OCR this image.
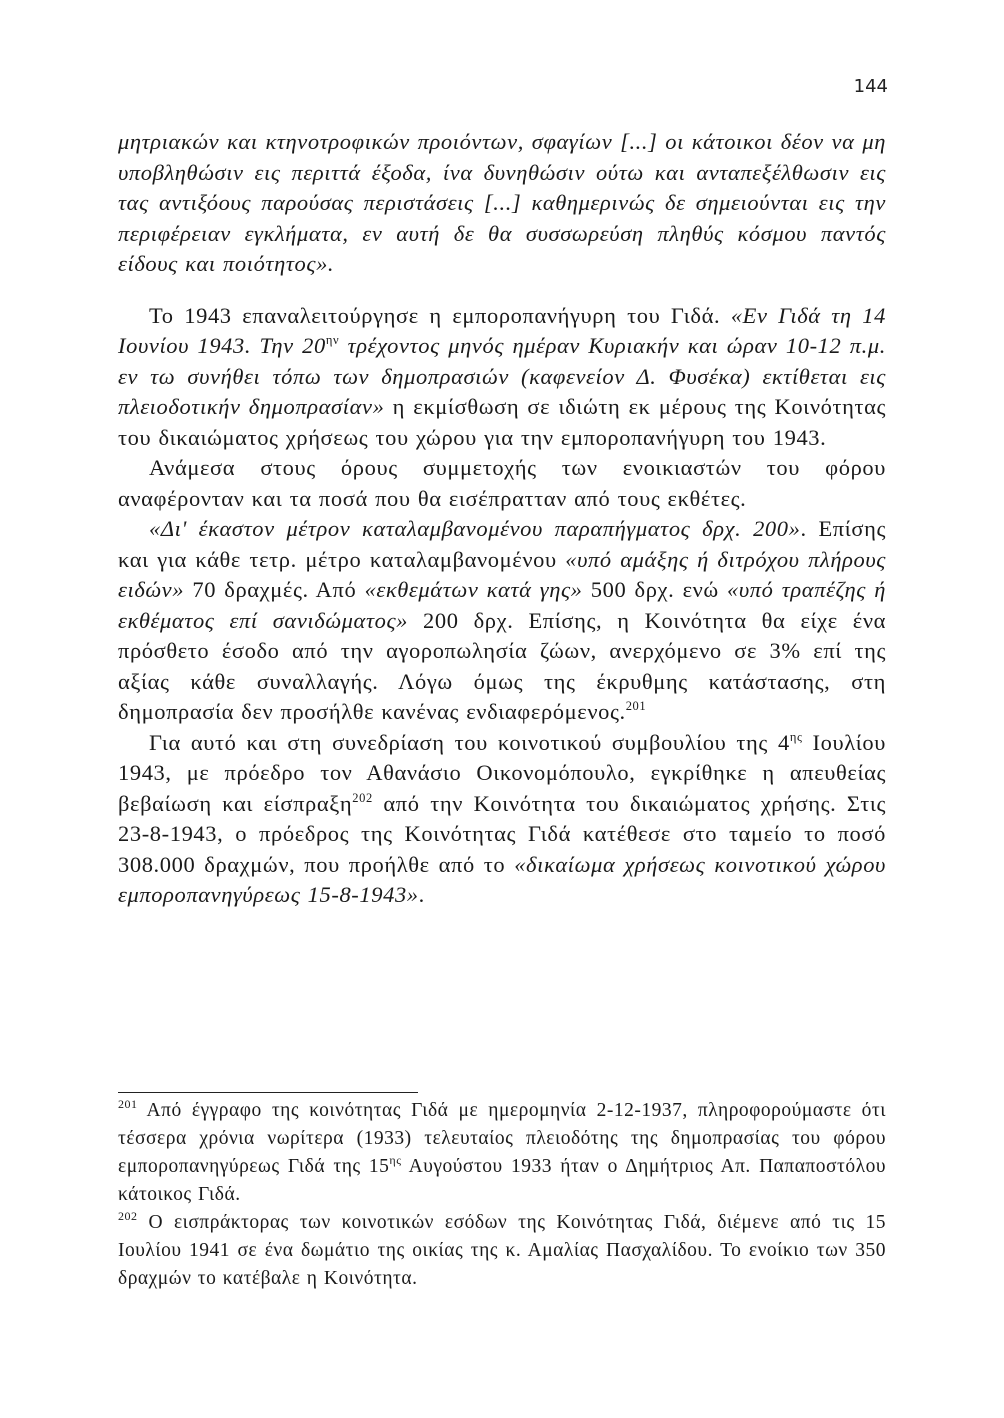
144

μητριακών και κτηνοτροφικών προιόντων, σφαγίων [...] οι κάτοικοι δέον να μη υποβληθώσιν εις περιττά έξοδα, ίνα δυνηθώσιν ούτω και ανταπεξέλθωσιν εις τας αντιξόους παρούσας περιστάσεις [...] καθημερινώς δε σημειούνται εις την περιφέρειαν εγκλήματα, εν αυτή δε θα συσσωρεύση πληθύς κόσμου παντός είδους και ποιότητος».

Το 1943 επαναλειτούργησε η εμποροπανήγυρη του Γιδά. «Εν Γιδά τη 14 Ιουνίου 1943. Την $20^{\eta\nu}$ τρέχοντος μηνός ημέραν Κυριακήν και ώραν 10-12 π.μ. εν τω συνήθει τόπω των δημοπρασιών (καφενείον Δ. Φυσέκα) εκτίθεται εις πλειοδοτικήν δημοπρασίαν» η εκμίσθωση σε ιδιώτη εκ μέρους της Κοινότητας του δικαιώματος χρήσεως του χώρου για την εμποροπανήγυρη του 1943.

Ανάμεσα στους όρους συμμετοχής των ενοικιαστών του φόρου αναφέρονταν και τα ποσά που θα εισέπρατταν από τους εκθέτες.

«Δι' έκαστον μέτρον καταλαμβανομένου παραπήγματος δρχ. 200». Επίσης και για κάθε τετρ. μέτρο καταλαμβανομένου «υπό αμάξης ή διτρόχου πλήρους ειδών» 70 δραχμές. Από «εκθεμάτων κατά γης» 500 δρχ. ενώ «υπό τραπέζης ή εκθέματος επί σανιδώματος» 200 δρχ. Επίσης, η Κοινότητα θα είχε ένα πρόσθετο έσοδο από την αγοροπωλησία ζώων, ανερχόμενο σε 3% επί της αξίας κάθε συναλλαγής. Λόγω όμως της έκρυθμης κατάστασης, στη δημοπρασία δεν προσήλθε κανένας ενδιαφερόμενος.$^{201}$

Για αυτό και στη συνεδρίαση του κοινοτικού συμβουλίου της $4^{\eta\varsigma}$ Ιουλίου 1943, με πρόεδρο τον Αθανάσιο Οικονομόπουλο, εγκρίθηκε η απευθείας βεβαίωση και είσπραξη$^{202}$ από την Κοινότητα του δικαιώματος χρήσης. Στις 23-8-1943, ο πρόεδρος της Κοινότητας Γιδά κατέθεσε στο ταμείο το ποσό 308.000 δραχμών, που προήλθε από το «δικαίωμα χρήσεως κοινοτικού χώρου εμποροπανηγύρεως 15-8-1943».

$^{201}$ Από έγγραφο της κοινότητας Γιδά με ημερομηνία 2-12-1937, πληροφορούμαστε ότι τέσσερα χρόνια νωρίτερα (1933) τελευταίος πλειοδότης της δημοπρασίας του φόρου εμποροπανηγύρεως Γιδά της $15^{\eta\varsigma}$ Αυγούστου 1933 ήταν ο Δημήτριος Απ. Παπαποστόλου κάτοικος Γιδά.

$^{202}$ Ο εισπράκτορας των κοινοτικών εσόδων της Κοινότητας Γιδά, διέμενε από τις 15 Ιουλίου 1941 σε ένα δωμάτιο της οικίας της κ. Αμαλίας Πασχαλίδου. Το ενοίκιο των 350 δραχμών το κατέβαλε η Κοινότητα.
